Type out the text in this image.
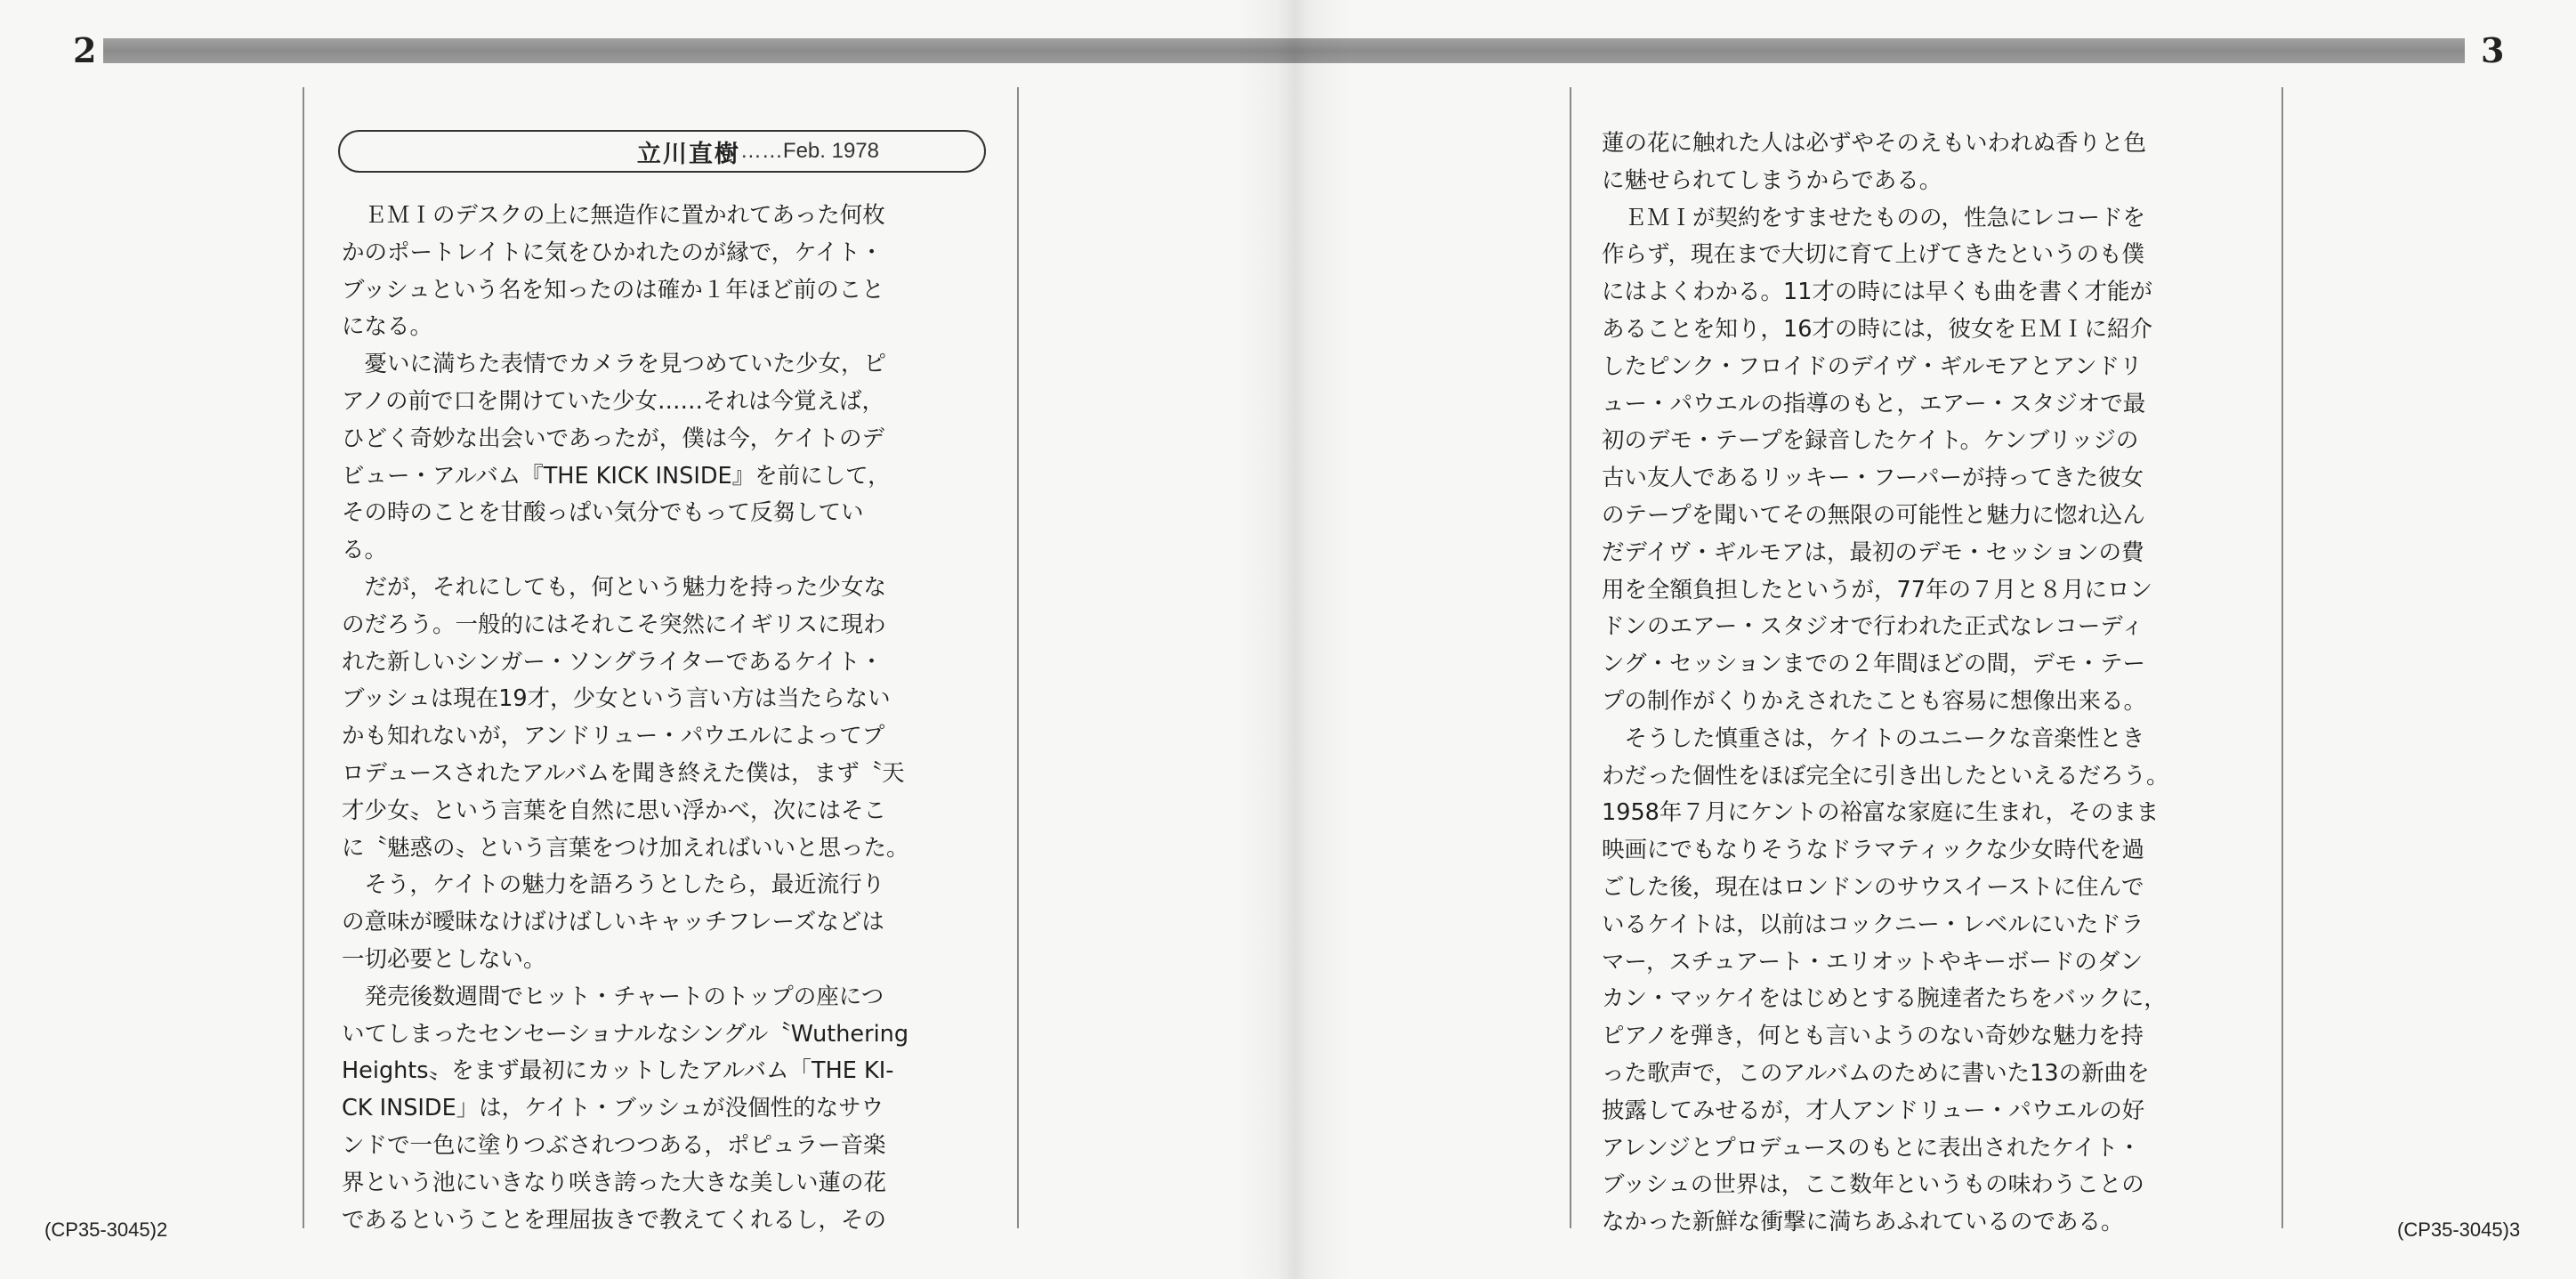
2
立川直樹 ……Feb. 1978
　ＥＭＩのデスクの上に無造作に置かれてあった何枚
かのポートレイトに気をひかれたのが縁で，ケイト・
ブッシュという名を知ったのは確か１年ほど前のこと
になる。
　憂いに満ちた表情でカメラを見つめていた少女，ピ
アノの前で口を開けていた少女……それは今覚えば，
ひどく奇妙な出会いであったが，僕は今，ケイトのデ
ビュー・アルバム『THE KICK INSIDE』を前にして，
その時のことを甘酸っぱい気分でもって反芻してい
る。
　だが，それにしても，何という魅力を持った少女な
のだろう。一般的にはそれこそ突然にイギリスに現わ
れた新しいシンガー・ソングライターであるケイト・
ブッシュは現在19才，少女という言い方は当たらない
かも知れないが，アンドリュー・パウエルによってプ
ロデュースされたアルバムを聞き終えた僕は，まず〝天
才少女〟という言葉を自然に思い浮かべ，次にはそこ
に〝魅惑の〟という言葉をつけ加えればいいと思った。
　そう，ケイトの魅力を語ろうとしたら，最近流行り
の意味が曖昧なけばけばしいキャッチフレーズなどは
一切必要としない。
　発売後数週間でヒット・チャートのトップの座につ
いてしまったセンセーショナルなシングル〝Wuthering
Heights〟をまず最初にカットしたアルバム「THE KI-
CK INSIDE」は，ケイト・ブッシュが没個性的なサウ
ンドで一色に塗りつぶされつつある，ポピュラー音楽
界という池にいきなり咲き誇った大きな美しい蓮の花
であるということを理屈抜きで教えてくれるし，その
(CP35-3045)2
3
蓮の花に触れた人は必ずやそのえもいわれぬ香りと色
に魅せられてしまうからである。
　ＥＭＩが契約をすませたものの，性急にレコードを
作らず，現在まで大切に育て上げてきたというのも僕
にはよくわかる。11才の時には早くも曲を書く才能が
あることを知り，16才の時には，彼女をＥＭＩに紹介
したピンク・フロイドのデイヴ・ギルモアとアンドリ
ュー・パウエルの指導のもと，エアー・スタジオで最
初のデモ・テープを録音したケイト。ケンブリッジの
古い友人であるリッキー・フーパーが持ってきた彼女
のテープを聞いてその無限の可能性と魅力に惚れ込ん
だデイヴ・ギルモアは，最初のデモ・セッションの費
用を全額負担したというが，77年の７月と８月にロン
ドンのエアー・スタジオで行われた正式なレコーディ
ング・セッションまでの２年間ほどの間，デモ・テー
プの制作がくりかえされたことも容易に想像出来る。
　そうした慎重さは，ケイトのユニークな音楽性とき
わだった個性をほぼ完全に引き出したといえるだろう。
1958年７月にケントの裕富な家庭に生まれ，そのまま
映画にでもなりそうなドラマティックな少女時代を過
ごした後，現在はロンドンのサウスイーストに住んで
いるケイトは，以前はコックニー・レベルにいたドラ
マー，スチュアート・エリオットやキーボードのダン
カン・マッケイをはじめとする腕達者たちをバックに，
ピアノを弾き，何とも言いようのない奇妙な魅力を持
った歌声で，このアルバムのために書いた13の新曲を
披露してみせるが，才人アンドリュー・パウエルの好
アレンジとプロデュースのもとに表出されたケイト・
ブッシュの世界は，ここ数年というもの味わうことの
なかった新鮮な衝撃に満ちあふれているのである。	(CP35-3045)3
